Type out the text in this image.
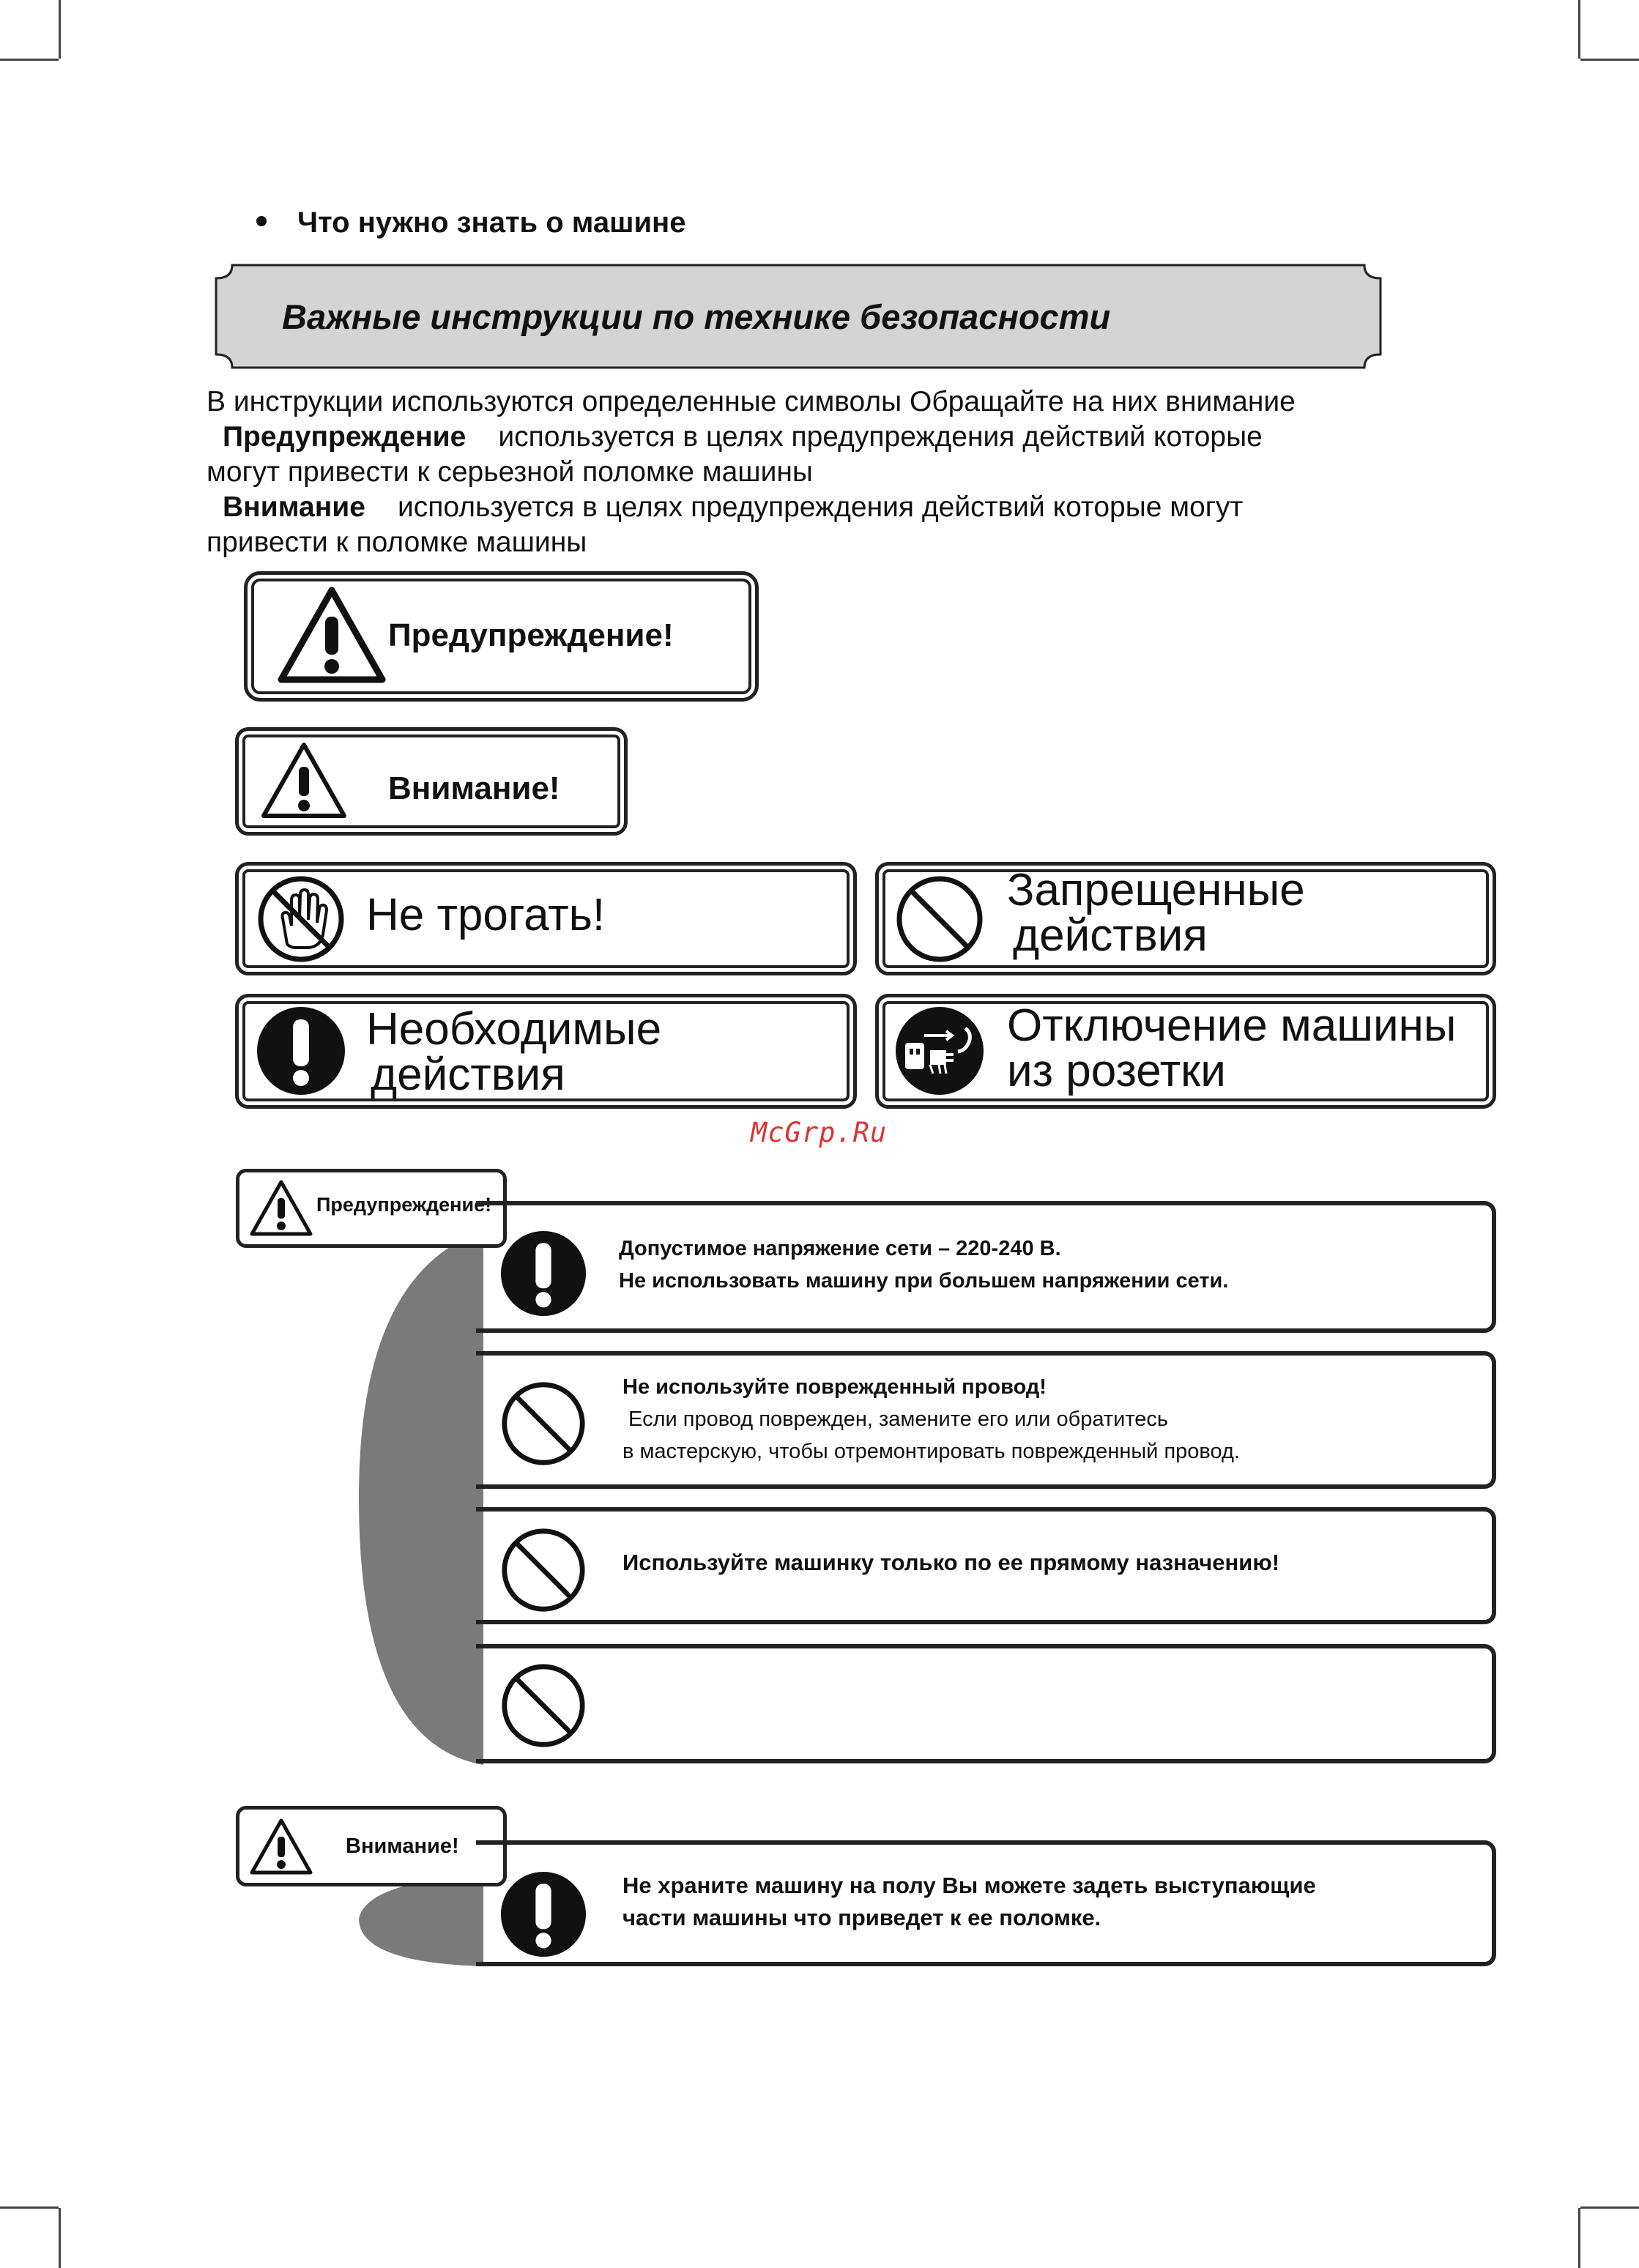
Что нужно знать о машине
Важные инструкции по технике безопасности

В инструкции используются определенные символы Обращайте на них внимание

Предупреждение используется в целях предупреждения действий которые

могут привести к серьезной поломке машины

Внимание используется в целях предупреждения действий которые могут

привести к поломке машины

Предупреждение!
Внимание!
Не трогать!	Запрещенные
действия
Необходимые
действия
Отключение машины
из розетки
McGrp.Ru
Предупреждение!
Допустимое напряжение сети – 220-240 В.
Не использовать машину при большем напряжении сети.
Не используйте поврежденный провод!
Если провод поврежден, замените его или обратитесь
в мастерскую, чтобы отремонтировать поврежденный провод.
Используйте машинку только по ее прямому назначению!
Внимание!
Не храните машину на полу Вы можете задеть выступающие
части машины что приведет к ее поломке.
